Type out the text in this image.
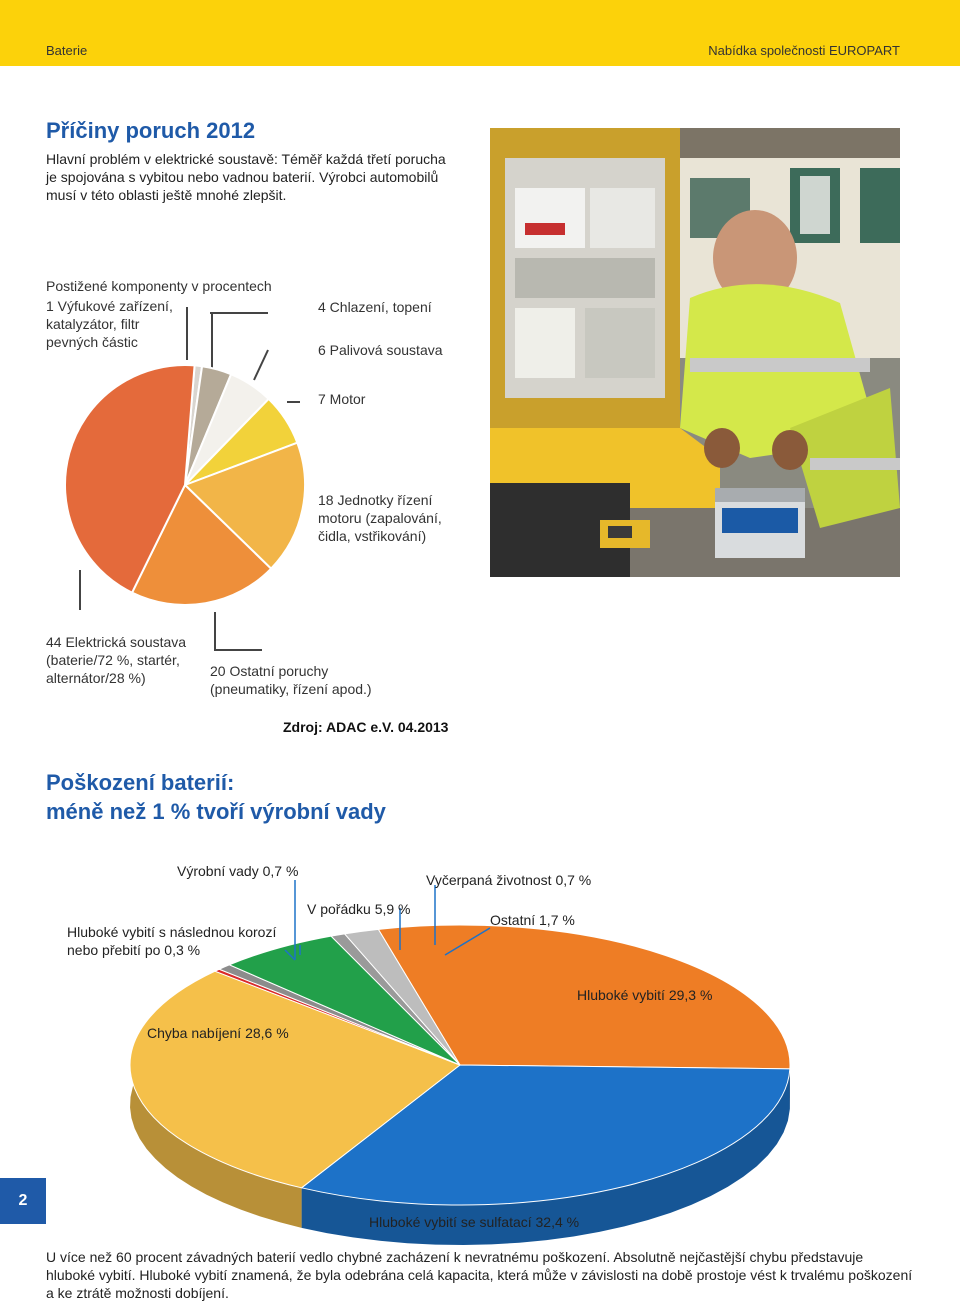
Baterie	Nabídka společnosti EUROPART
Příčiny poruch 2012

Hlavní problém v elektrické soustavě: Téměř každá třetí porucha je spojována s vybitou nebo vadnou baterií. Výrobci automobilů musí v této oblasti ještě mnohé zlepšit.

Postižené komponenty v procentech
1 Výfukové zařízení, katalyzátor, filtr pevných částic
4 Chlazení, topení
6 Palivová soustava
7 Motor
18 Jednotky řízení motoru (zapalování, čidla, vstřikování)
44 Elektrická soustava (baterie/72 %, startér, alternátor/28 %)	20 Ostatní poruchy (pneumatiky, řízení apod.)
Zdroj: ADAC e.V. 04.2013
Poškození baterií:
méně než 1 % tvoří výrobní vady
Výrobní vady 0,7 %
Vyčerpaná životnost 0,7 %
V pořádku 5,9 %
Ostatní 1,7 %
Hluboké vybití s následnou korozí nebo přebití po 0,3 %
Hluboké vybití 29,3 %
Chyba nabíjení 28,6 %
Hluboké vybití se sulfatací 32,4 %
2

U více než 60 procent závadných baterií vedlo chybné zacházení k nevratnému poškození. Absolutně nejčastější chybu představuje hluboké vybití. Hluboké vybití znamená, že byla odebrána celá kapacita, která může v závislosti na době prostoje vést k trvalému poškození a ke ztrátě možnosti dobíjení.
